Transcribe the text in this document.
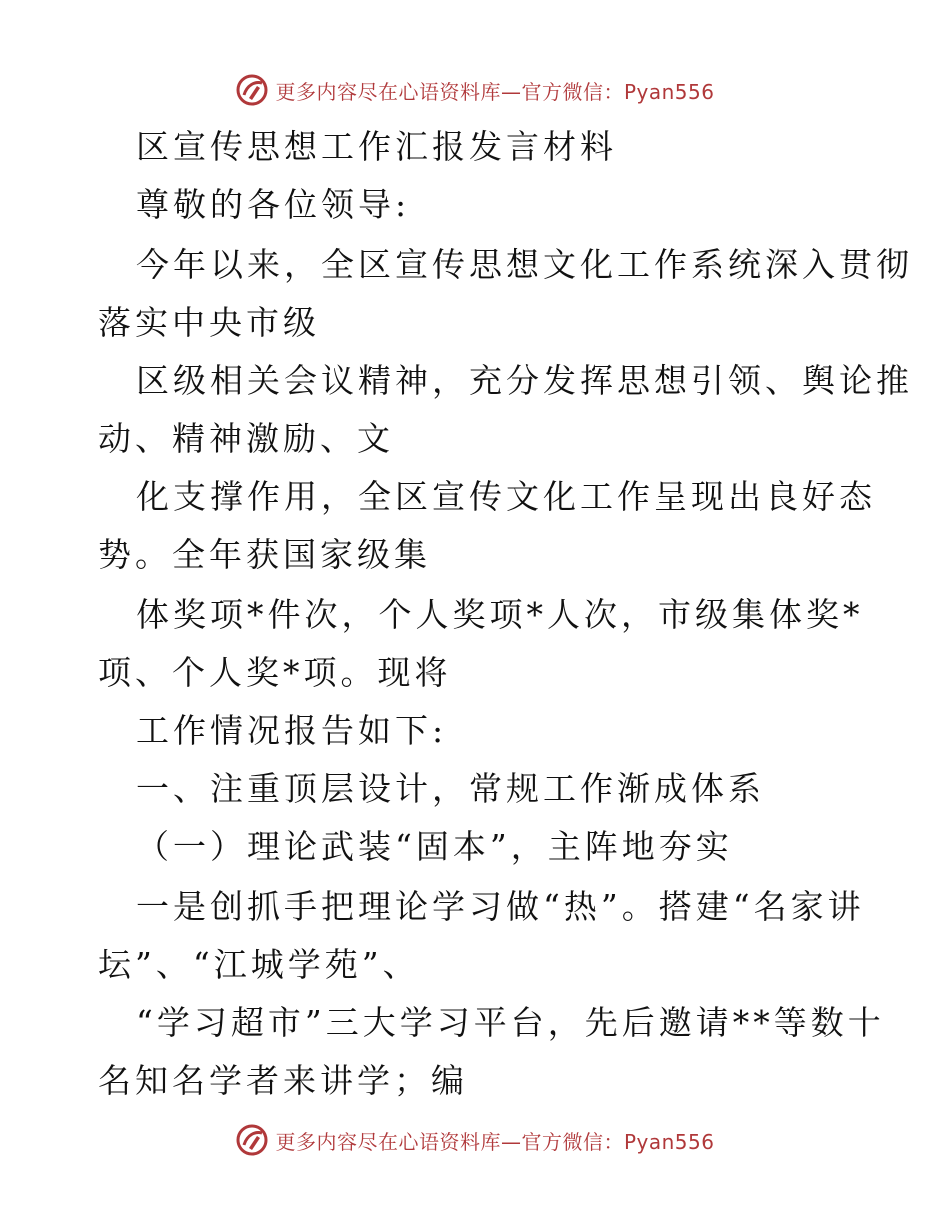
更多内容尽在心语资料库—官方微信：Pyan556
区宣传思想工作汇报发言材料
尊敬的各位领导:
今年以来，全区宣传思想文化工作系统深入贯彻
落实中央市级
区级相关会议精神，充分发挥思想引领、舆论推
动、精神激励、文
化支撑作用，全区宣传文化工作呈现出良好态
势。全年获国家级集
体奖项*件次，个人奖项*人次，市级集体奖*
项、个人奖*项。现将
工作情况报告如下:
一、注重顶层设计，常规工作渐成体系
（一）理论武装“固本”，主阵地夯实
一是创抓手把理论学习做“热”。搭建“名家讲
坛”、“江城学苑”、
“学习超市”三大学习平台，先后邀请**等数十
名知名学者来讲学；编
更多内容尽在心语资料库—官方微信：Pyan556
